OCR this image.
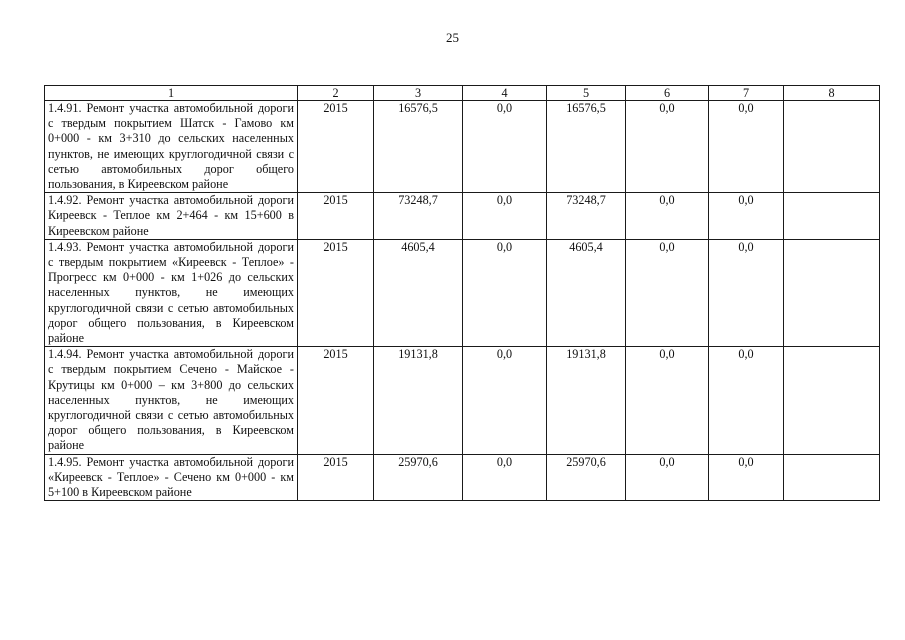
25
1	2	3	4	5	6	7	8
1.4.91. Ремонт участка автомобильной дороги с твердым покрытием Шатск - Гамово км 0+000 - км 3+310 до сельских населенных пунктов, не имеющих круглогодичной связи с сетью автомобильных дорог общего пользования, в Киреевском районе	2015	16576,5	0,0	16576,5	0,0	0,0	
1.4.92. Ремонт участка автомобильной дороги Киреевск - Теплое км 2+464 - км 15+600 в Киреевском районе	2015	73248,7	0,0	73248,7	0,0	0,0	
1.4.93. Ремонт участка автомобильной дороги с твердым покрытием «Киреевск - Теплое» - Прогресс км 0+000 - км 1+026 до сельских населенных пунктов, не имеющих круглогодичной связи с сетью автомобильных дорог общего пользования, в Киреевском районе	2015	4605,4	0,0	4605,4	0,0	0,0	
1.4.94. Ремонт участка автомобильной дороги с твердым покрытием Сечено - Майское - Крутицы км 0+000 – км 3+800 до сельских населенных пунктов, не имеющих круглогодичной связи с сетью автомобильных дорог общего пользования, в Киреевском районе	2015	19131,8	0,0	19131,8	0,0	0,0	
1.4.95. Ремонт участка автомобильной дороги «Киреевск - Теплое» - Сечено км 0+000 - км 5+100 в Киреевском районе	2015	25970,6	0,0	25970,6	0,0	0,0	
